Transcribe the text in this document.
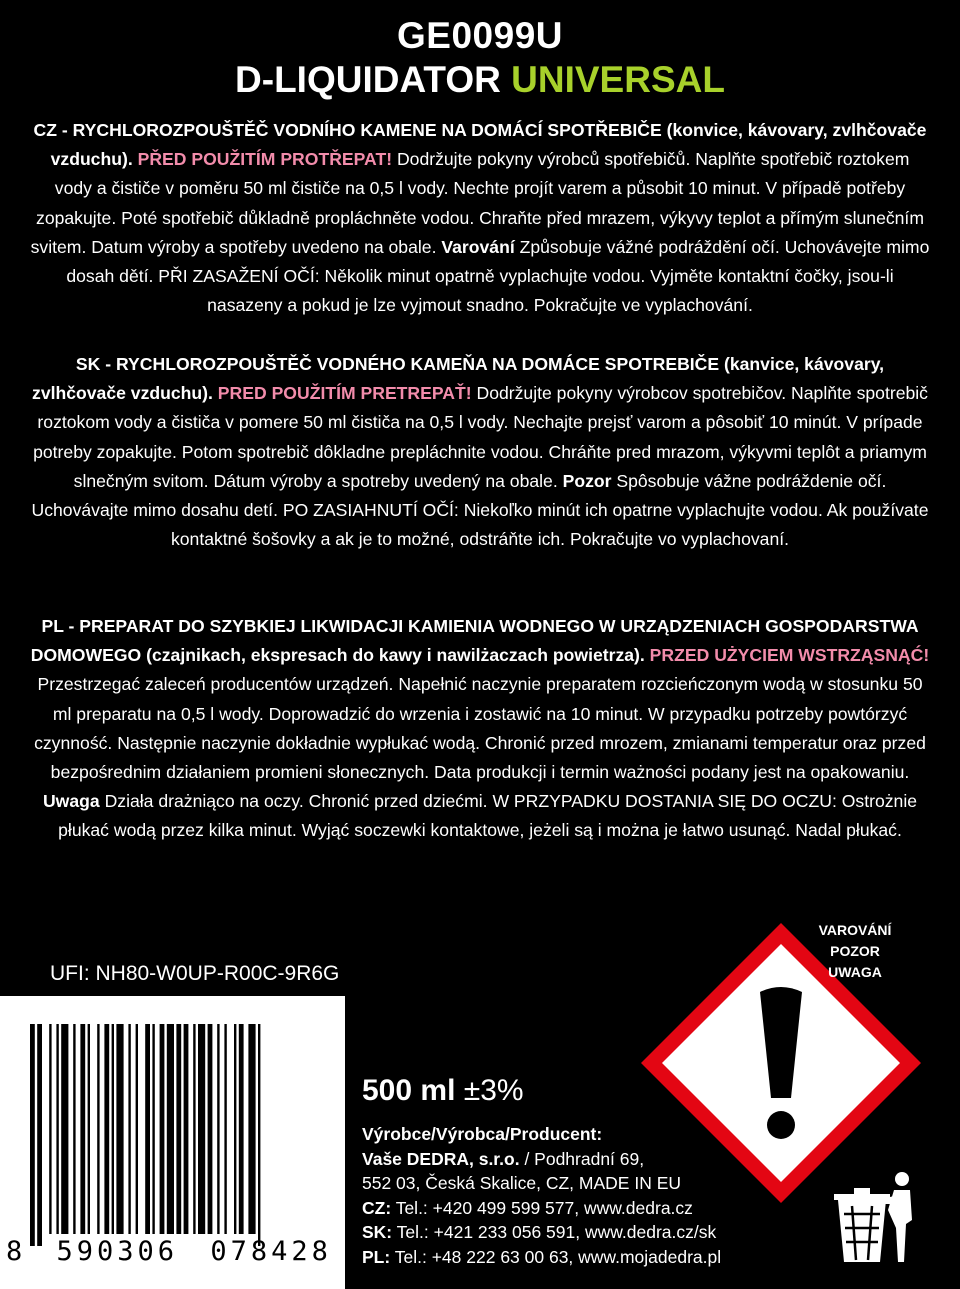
GE0099U
D-LIQUIDATOR UNIVERSAL
CZ - RYCHLOROZPOUŠTĚČ VODNÍHO KAMENE NA DOMÁCÍ SPOTŘEBIČE (konvice, kávovary, zvlhčovače vzduchu). PŘED POUŽITÍM PROTŘEPAT! Dodržujte pokyny výrobců spotřebičů. Naplňte spotřebič roztokem vody a čističe v poměru 50 ml čističe na 0,5 l vody. Nechte projít varem a působit 10 minut. V případě potřeby zopakujte. Poté spotřebič důkladně propláchněte vodou. Chraňte před mrazem, výkyvy teplot a přímým slunečním svitem. Datum výroby a spotřeby uvedeno na obale. Varování Způsobuje vážné podráždění očí. Uchovávejte mimo dosah dětí. PŘI ZASAŽENÍ OČÍ: Několik minut opatrně vyplachujte vodou. Vyjměte kontaktní čočky, jsou-li nasazeny a pokud je lze vyjmout snadno. Pokračujte ve vyplachování.
SK - RYCHLOROZPOUŠTĚČ VODNÉHO KAMEŇA NA DOMÁCE SPOTREBIČE (kanvice, kávovary, zvlhčovače vzduchu). PRED POUŽITÍM PRETREPAŤ! Dodržujte pokyny výrobcov spotrebičov. Naplňte spotrebič roztokom vody a čističa v pomere 50 ml čističa na 0,5 l vody. Nechajte prejsť varom a pôsobiť 10 minút. V prípade potreby zopakujte. Potom spotrebič dôkladne prepláchnite vodou. Chráňte pred mrazom, výkyvmi teplôt a priamym slnečným svitom. Dátum výroby a spotreby uvedený na obale. Pozor Spôsobuje vážne podráždenie očí. Uchovávajte mimo dosahu detí. PO ZASIAHNUTÍ OČÍ: Niekoľko minút ich opatrne vyplachujte vodou. Ak používate kontaktné šošovky a ak je to možné, odstráňte ich. Pokračujte vo vyplachovaní.
PL - PREPARAT DO SZYBKIEJ LIKWIDACJI KAMIENIA WODNEGO W URZĄDZENIACH GOSPODARSTWA DOMOWEGO (czajnikach, ekspresach do kawy i nawilżaczach powietrza). PRZED UŻYCIEM WSTRZĄSNĄĆ! Przestrzegać zaleceń producentów urządzeń. Napełnić naczynie preparatem rozcieńczonym wodą w stosunku 50 ml preparatu na 0,5 l wody. Doprowadzić do wrzenia i zostawić na 10 minut. W przypadku potrzeby powtórzyć czynność. Następnie naczynie dokładnie wypłukać wodą. Chronić przed mrozem, zmianami temperatur oraz przed bezpośrednim działaniem promieni słonecznych. Data produkcji i termin ważności podany jest na opakowaniu. Uwaga Działa drażniąco na oczy. Chronić przed dziećmi. W PRZYPADKU DOSTANIA SIĘ DO OCZU: Ostrożnie płukać wodą przez kilka minut. Wyjąć soczewki kontaktowe, jeżeli są i można je łatwo usunąć. Nadal płukać.
UFI: NH80-W0UP-R00C-9R6G
8 590306 078428
500 ml ±3%
Výrobce/Výrobca/Producent:
Vaše DEDRA, s.r.o. / Podhradní 69,
552 03, Česká Skalice, CZ, MADE IN EU
CZ: Tel.: +420 499 599 577, www.dedra.cz
SK: Tel.: +421 233 056 591, www.dedra.cz/sk
PL: Tel.: +48 222 63 00 63, www.mojadedra.pl
VAROVÁNÍ
POZOR
UWAGA
